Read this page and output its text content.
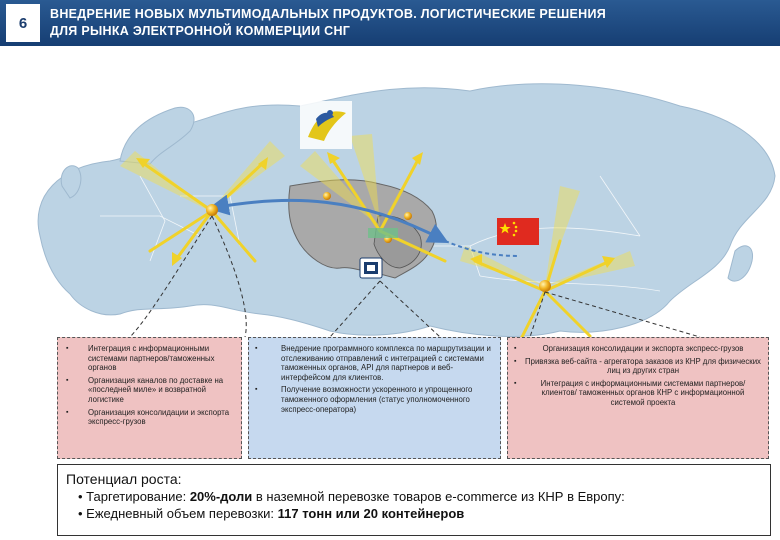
6
ВНЕДРЕНИЕ НОВЫХ МУЛЬТИМОДАЛЬНЫХ ПРОДУКТОВ. ЛОГИСТИЧЕСКИЕ РЕШЕНИЯ
ДЛЯ РЫНКА ЭЛЕКТРОННОЙ КОММЕРЦИИ СНГ
▪ Интеграция с информационными системами партнеров/таможенных органов
▪ Организация каналов по доставке на «последней миле» и возвратной логистике
▪ Организация консолидации и экспорта экспресс-грузов
▪ Внедрение программного комплекса по маршрутизации и отслеживанию отправлений с интеграцией с системами таможенных органов, API для партнеров и веб-интерфейсом для клиентов.
▪ Получение возможности ускоренного и упрощенного таможенного оформления (статус уполномоченного экспресс-оператора)
▪ Организация консолидации и экспорта экспресс-грузов
▪ Привязка веб-сайта - агрегатора заказов из КНР для физических лиц из других стран
▪ Интеграция с информационными системами партнеров/клиентов/ таможенных органов КНР с информационной системой проекта
Потенциал роста:
• Таргетирование: 20%-доли в наземной перевозке товаров e-commerce из КНР в Европу:
• Ежедневный объем перевозки: 117 тонн или 20 контейнеров
